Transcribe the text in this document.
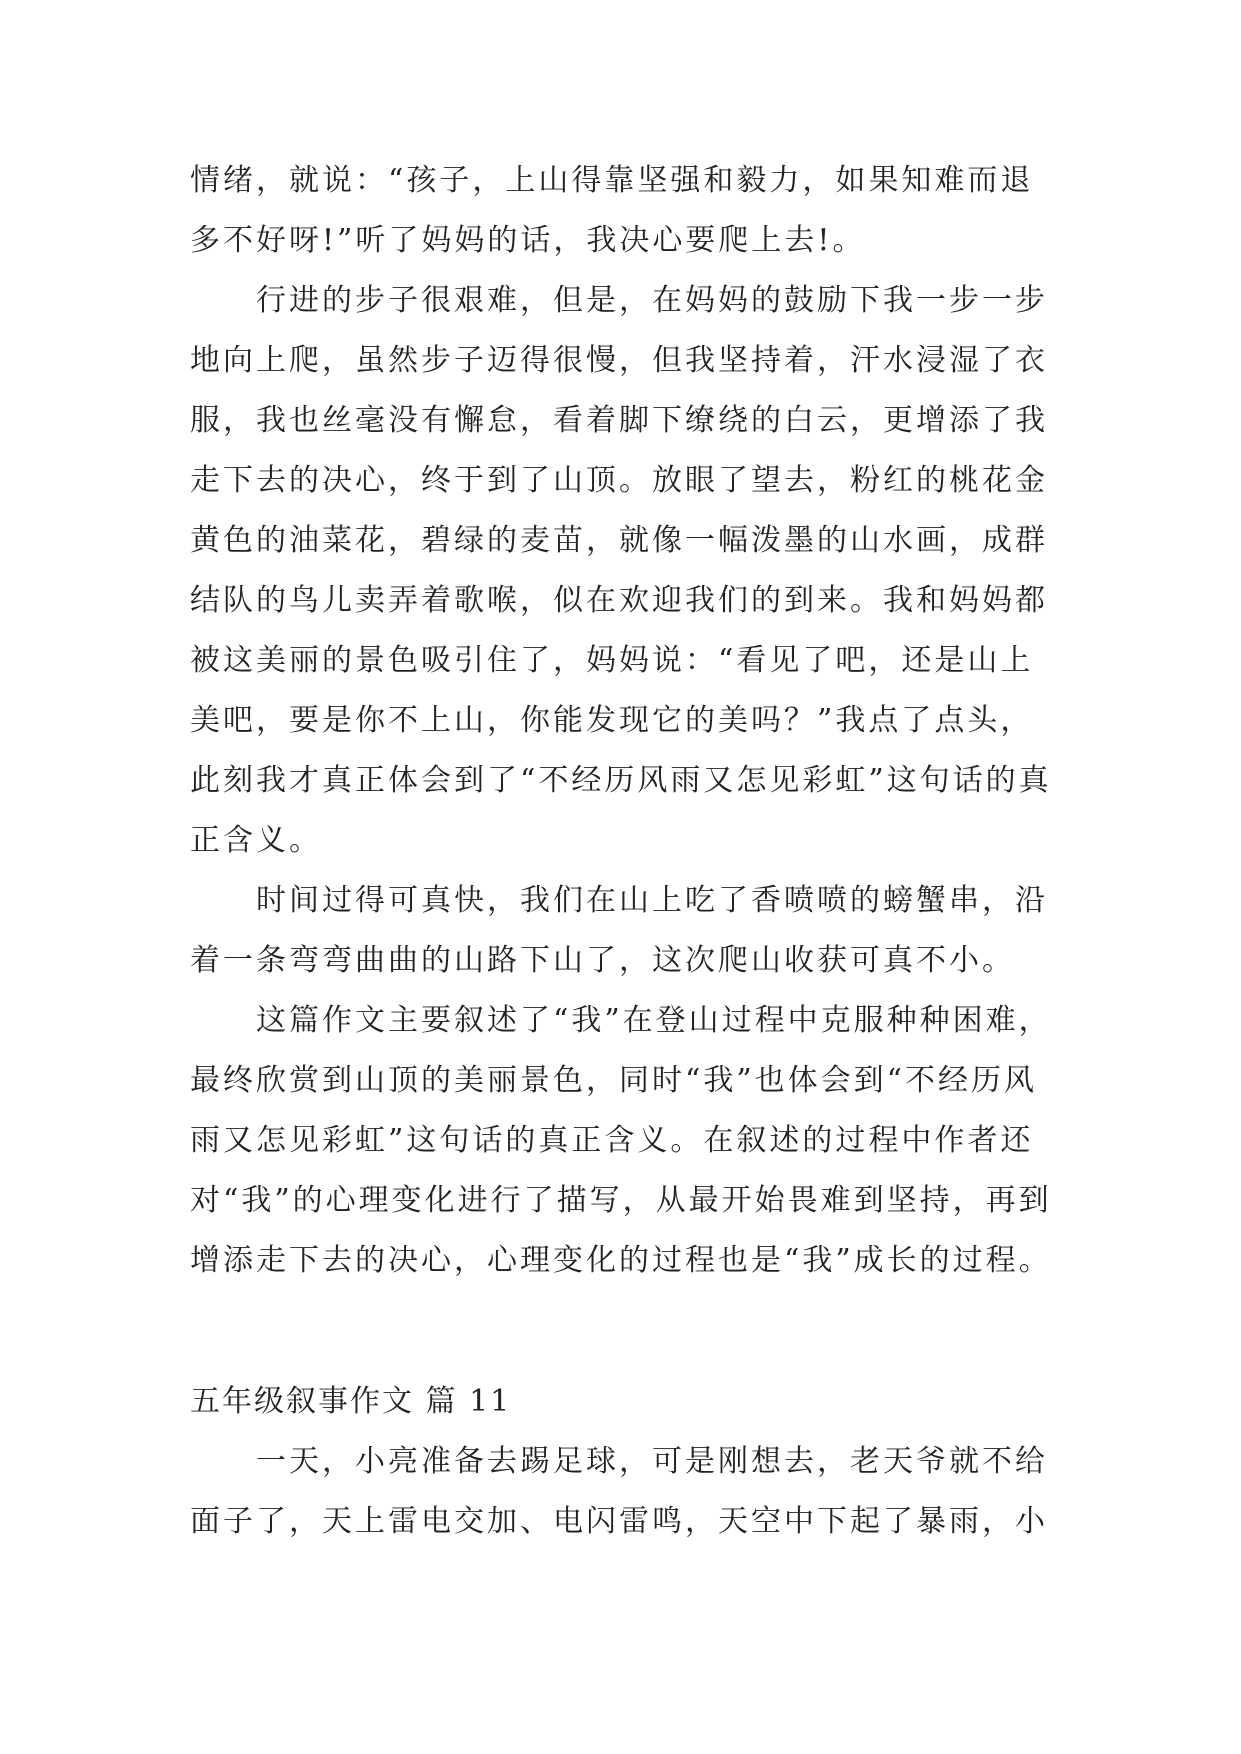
情绪，就说：“孩子，上山得靠坚强和毅力，如果知难而退多不好呀!”听了妈妈的话，我决心要爬上去!。

行进的步子很艰难，但是，在妈妈的鼓励下我一步一步地向上爬，虽然步子迈得很慢，但我坚持着，汗水浸湿了衣服，我也丝毫没有懈怠，看着脚下缭绕的白云，更增添了我走下去的决心，终于到了山顶。放眼了望去，粉红的桃花金黄色的油菜花，碧绿的麦苗，就像一幅泼墨的山水画，成群结队的鸟儿卖弄着歌喉，似在欢迎我们的到来。我和妈妈都被这美丽的景色吸引住了，妈妈说：“看见了吧，还是山上美吧，要是你不上山，你能发现它的美吗？”我点了点头，此刻我才真正体会到了“不经历风雨又怎见彩虹”这句话的真正含义。

时间过得可真快，我们在山上吃了香喷喷的螃蟹串，沿着一条弯弯曲曲的山路下山了，这次爬山收获可真不小。

这篇作文主要叙述了“我”在登山过程中克服种种困难，最终欣赏到山顶的美丽景色，同时“我”也体会到“不经历风雨又怎见彩虹”这句话的真正含义。在叙述的过程中作者还对“我”的心理变化进行了描写，从最开始畏难到坚持，再到增添走下去的决心，心理变化的过程也是“我”成长的过程。

五年级叙事作文 篇 11

一天，小亮准备去踢足球，可是刚想去，老天爷就不给面子了，天上雷电交加、电闪雷鸣，天空中下起了暴雨，小
